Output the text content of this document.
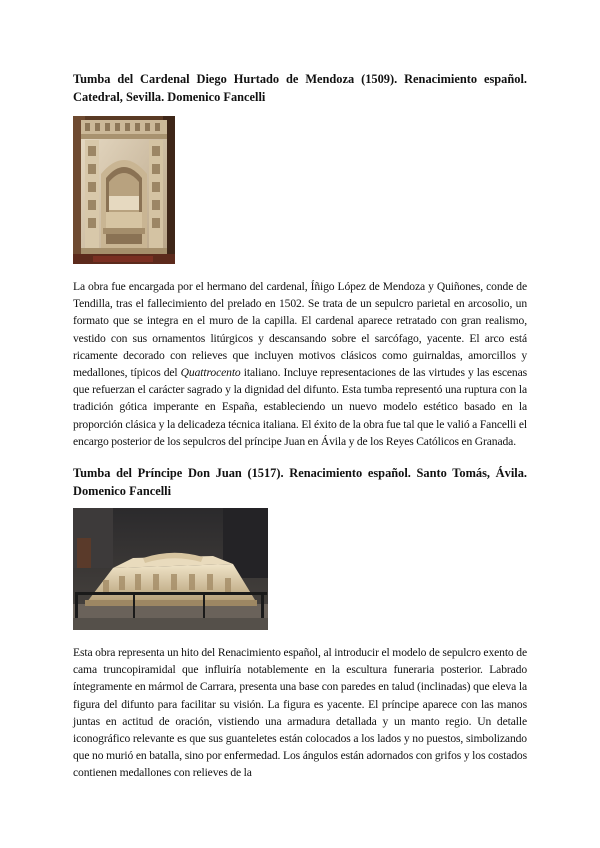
Tumba del Cardenal Diego Hurtado de Mendoza (1509). Renacimiento español. Catedral, Sevilla. Domenico Fancelli

La obra fue encargada por el hermano del cardenal, Íñigo López de Mendoza y Quiñones, conde de Tendilla, tras el fallecimiento del prelado en 1502. Se trata de un sepulcro parietal en arcosolio, un formato que se integra en el muro de la capilla. El cardenal aparece retratado con gran realismo, vestido con sus ornamentos litúrgicos y descansando sobre el sarcófago, yacente. El arco está ricamente decorado con relieves que incluyen motivos clásicos como guirnaldas, amorcillos y medallones, típicos del Quattrocento italiano. Incluye representaciones de las virtudes y las escenas que refuerzan el carácter sagrado y la dignidad del difunto. Esta tumba representó una ruptura con la tradición gótica imperante en España, estableciendo un nuevo modelo estético basado en la proporción clásica y la delicadeza técnica italiana. El éxito de la obra fue tal que le valió a Fancelli el encargo posterior de los sepulcros del príncipe Juan en Ávila y de los Reyes Católicos en Granada.

Tumba del Príncipe Don Juan (1517). Renacimiento español. Santo Tomás, Ávila. Domenico Fancelli

Esta obra representa un hito del Renacimiento español, al introducir el modelo de sepulcro exento de cama truncopiramidal que influiría notablemente en la escultura funeraria posterior. Labrado íntegramente en mármol de Carrara, presenta una base con paredes en talud (inclinadas) que eleva la figura del difunto para facilitar su visión. La figura es yacente. El príncipe aparece con las manos juntas en actitud de oración, vistiendo una armadura detallada y un manto regio. Un detalle iconográfico relevante es que sus guanteletes están colocados a los lados y no puestos, simbolizando que no murió en batalla, sino por enfermedad. Los ángulos están adornados con grifos y los costados contienen medallones con relieves de la
